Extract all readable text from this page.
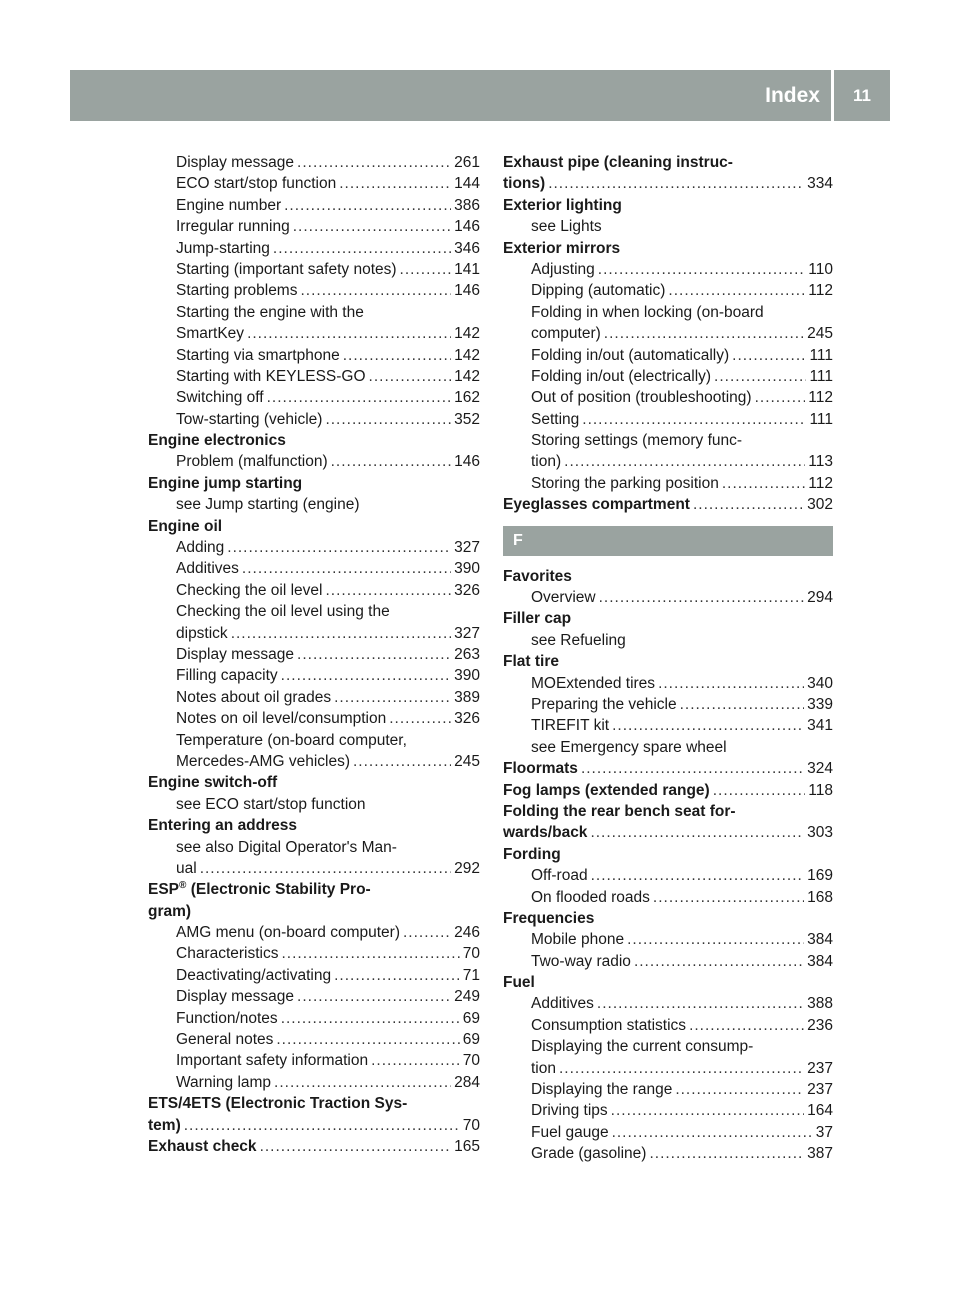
Index	11
Display message .....	261
ECO start/stop function .....	144
Engine number .....	386
Irregular running .....	146
Jump-starting .....	346
Starting (important safety notes) .....	141
Starting problems .....	146
Starting the engine with the
SmartKey .....	142
Starting via smartphone .....	142
Starting with KEYLESS-GO .....	142
Switching off .....	162
Tow-starting (vehicle) .....	352
Engine electronics
Problem (malfunction) .....	146
Engine jump starting
see Jump starting (engine)
Engine oil
Adding .....	327
Additives .....	390
Checking the oil level .....	326
Checking the oil level using the
dipstick .....	327
Display message .....	263
Filling capacity .....	390
Notes about oil grades .....	389
Notes on oil level/consumption .....	326
Temperature (on-board computer,
Mercedes-AMG vehicles) .....	245
Engine switch-off
see ECO start/stop function
Entering an address
see also Digital Operator's Man-
ual .....	292
ESP® (Electronic Stability Pro-
gram)
AMG menu (on-board computer) .....	246
Characteristics .....	70
Deactivating/activating .....	71
Display message .....	249
Function/notes .....	69
General notes .....	69
Important safety information .....	70
Warning lamp .....	284
ETS/4ETS (Electronic Traction Sys-
tem) .....	70
Exhaust check .....	165
Exhaust pipe (cleaning instruc-
tions) .....	334
Exterior lighting
see Lights
Exterior mirrors
Adjusting .....	110
Dipping (automatic) .....	112
Folding in when locking (on-board
computer) .....	245
Folding in/out (automatically) .....	111
Folding in/out (electrically) .....	111
Out of position (troubleshooting) .....	112
Setting .....	111
Storing settings (memory func-
tion) .....	113
Storing the parking position .....	112
Eyeglasses compartment .....	302
F
Favorites
Overview .....	294
Filler cap
see Refueling
Flat tire
MOExtended tires .....	340
Preparing the vehicle .....	339
TIREFIT kit .....	341
see Emergency spare wheel
Floormats .....	324
Fog lamps (extended range) .....	118
Folding the rear bench seat for-
wards/back .....	303
Fording
Off-road .....	169
On flooded roads .....	168
Frequencies
Mobile phone .....	384
Two-way radio .....	384
Fuel
Additives .....	388
Consumption statistics .....	236
Displaying the current consump-
tion .....	237
Displaying the range .....	237
Driving tips .....	164
Fuel gauge .....	37
Grade (gasoline) .....	387
